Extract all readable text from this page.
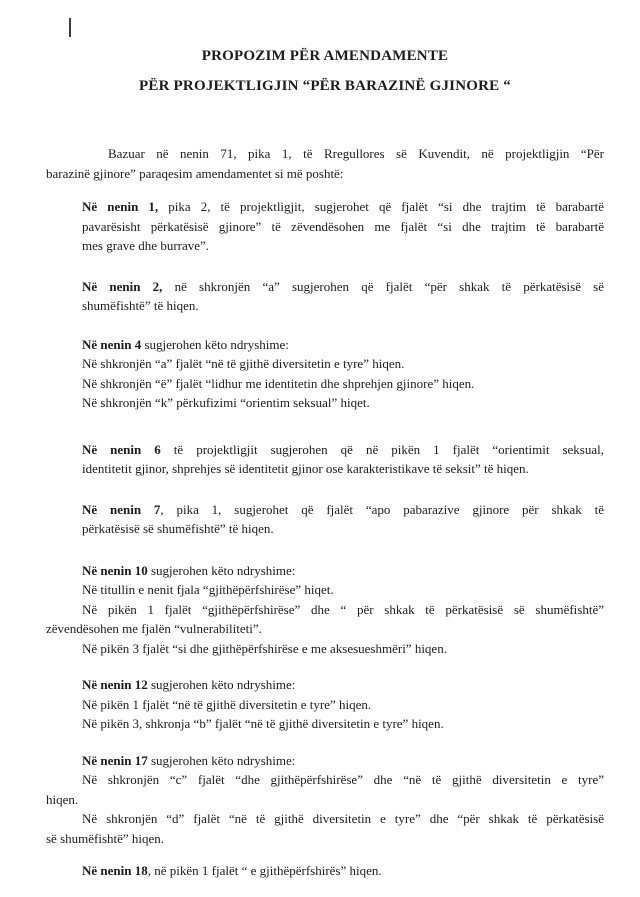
PROPOZIM PËR AMENDAMENTE
PËR PROJEKTLIGJIN “PËR BARAZINË GJINORE “
Bazuar në nenin 71, pika 1, të Rregullores së Kuvendit, në projektligjin “Për
barazinë gjinore” paraqesim amendamentet si më poshtë:
Në nenin 1, pika 2, të projektligjit, sugjerohet që fjalët “si dhe trajtim të barabartë
pavarësisht përkatësisë gjinore” të zëvendësohen me fjalët “si dhe trajtim të barabartë
mes grave dhe burrave”.
Në nenin 2, në shkronjën “a” sugjerohen që fjalët “për shkak të përkatësisë së
shumëfishtë” të hiqen.
Në nenin 4 sugjerohen këto ndryshime:
Në shkronjën “a” fjalët “në të gjithë diversitetin e tyre” hiqen.
Në shkronjën “ë” fjalët “lidhur me identitetin dhe shprehjen gjinore” hiqen.
Në shkronjën “k” përkufizimi “orientim seksual” hiqet.
Në nenin 6 të projektligjit sugjerohen që në pikën 1 fjalët “orientimit seksual,
identitetit gjinor, shprehjes së identitetit gjinor ose karakteristikave të seksit” të hiqen.
Në nenin 7, pika 1, sugjerohet që fjalët “apo pabarazive gjinore për shkak të
përkatësisë së shumëfishtë” të hiqen.
Në nenin 10 sugjerohen këto ndryshime:
Në titullin e nenit fjala “gjithëpërfshirëse” hiqet.
Në pikën 1 fjalët “gjithëpërfshirëse” dhe “ për shkak të përkatësisë së shumëfishtë”
zëvendësohen me fjalën “vulnerabiliteti”.
Në pikën 3 fjalët “si dhe gjithëpërfshirëse e me aksesueshmëri” hiqen.
Në nenin 12 sugjerohen këto ndryshime:
Në pikën 1 fjalët “në të gjithë diversitetin e tyre” hiqen.
Në pikën 3, shkronja “b” fjalët “në të gjithë diversitetin e tyre” hiqen.
Në nenin 17 sugjerohen këto ndryshime:
Në shkronjën “c” fjalët “dhe gjithëpërfshirëse” dhe “në të gjithë diversitetin e tyre”
hiqen.
Në shkronjën “d” fjalët “në të gjithë diversitetin e tyre” dhe “për shkak të përkatësisë
së shumëfishtë” hiqen.
Në nenin 18, në pikën 1 fjalët “ e gjithëpërfshirës” hiqen.
